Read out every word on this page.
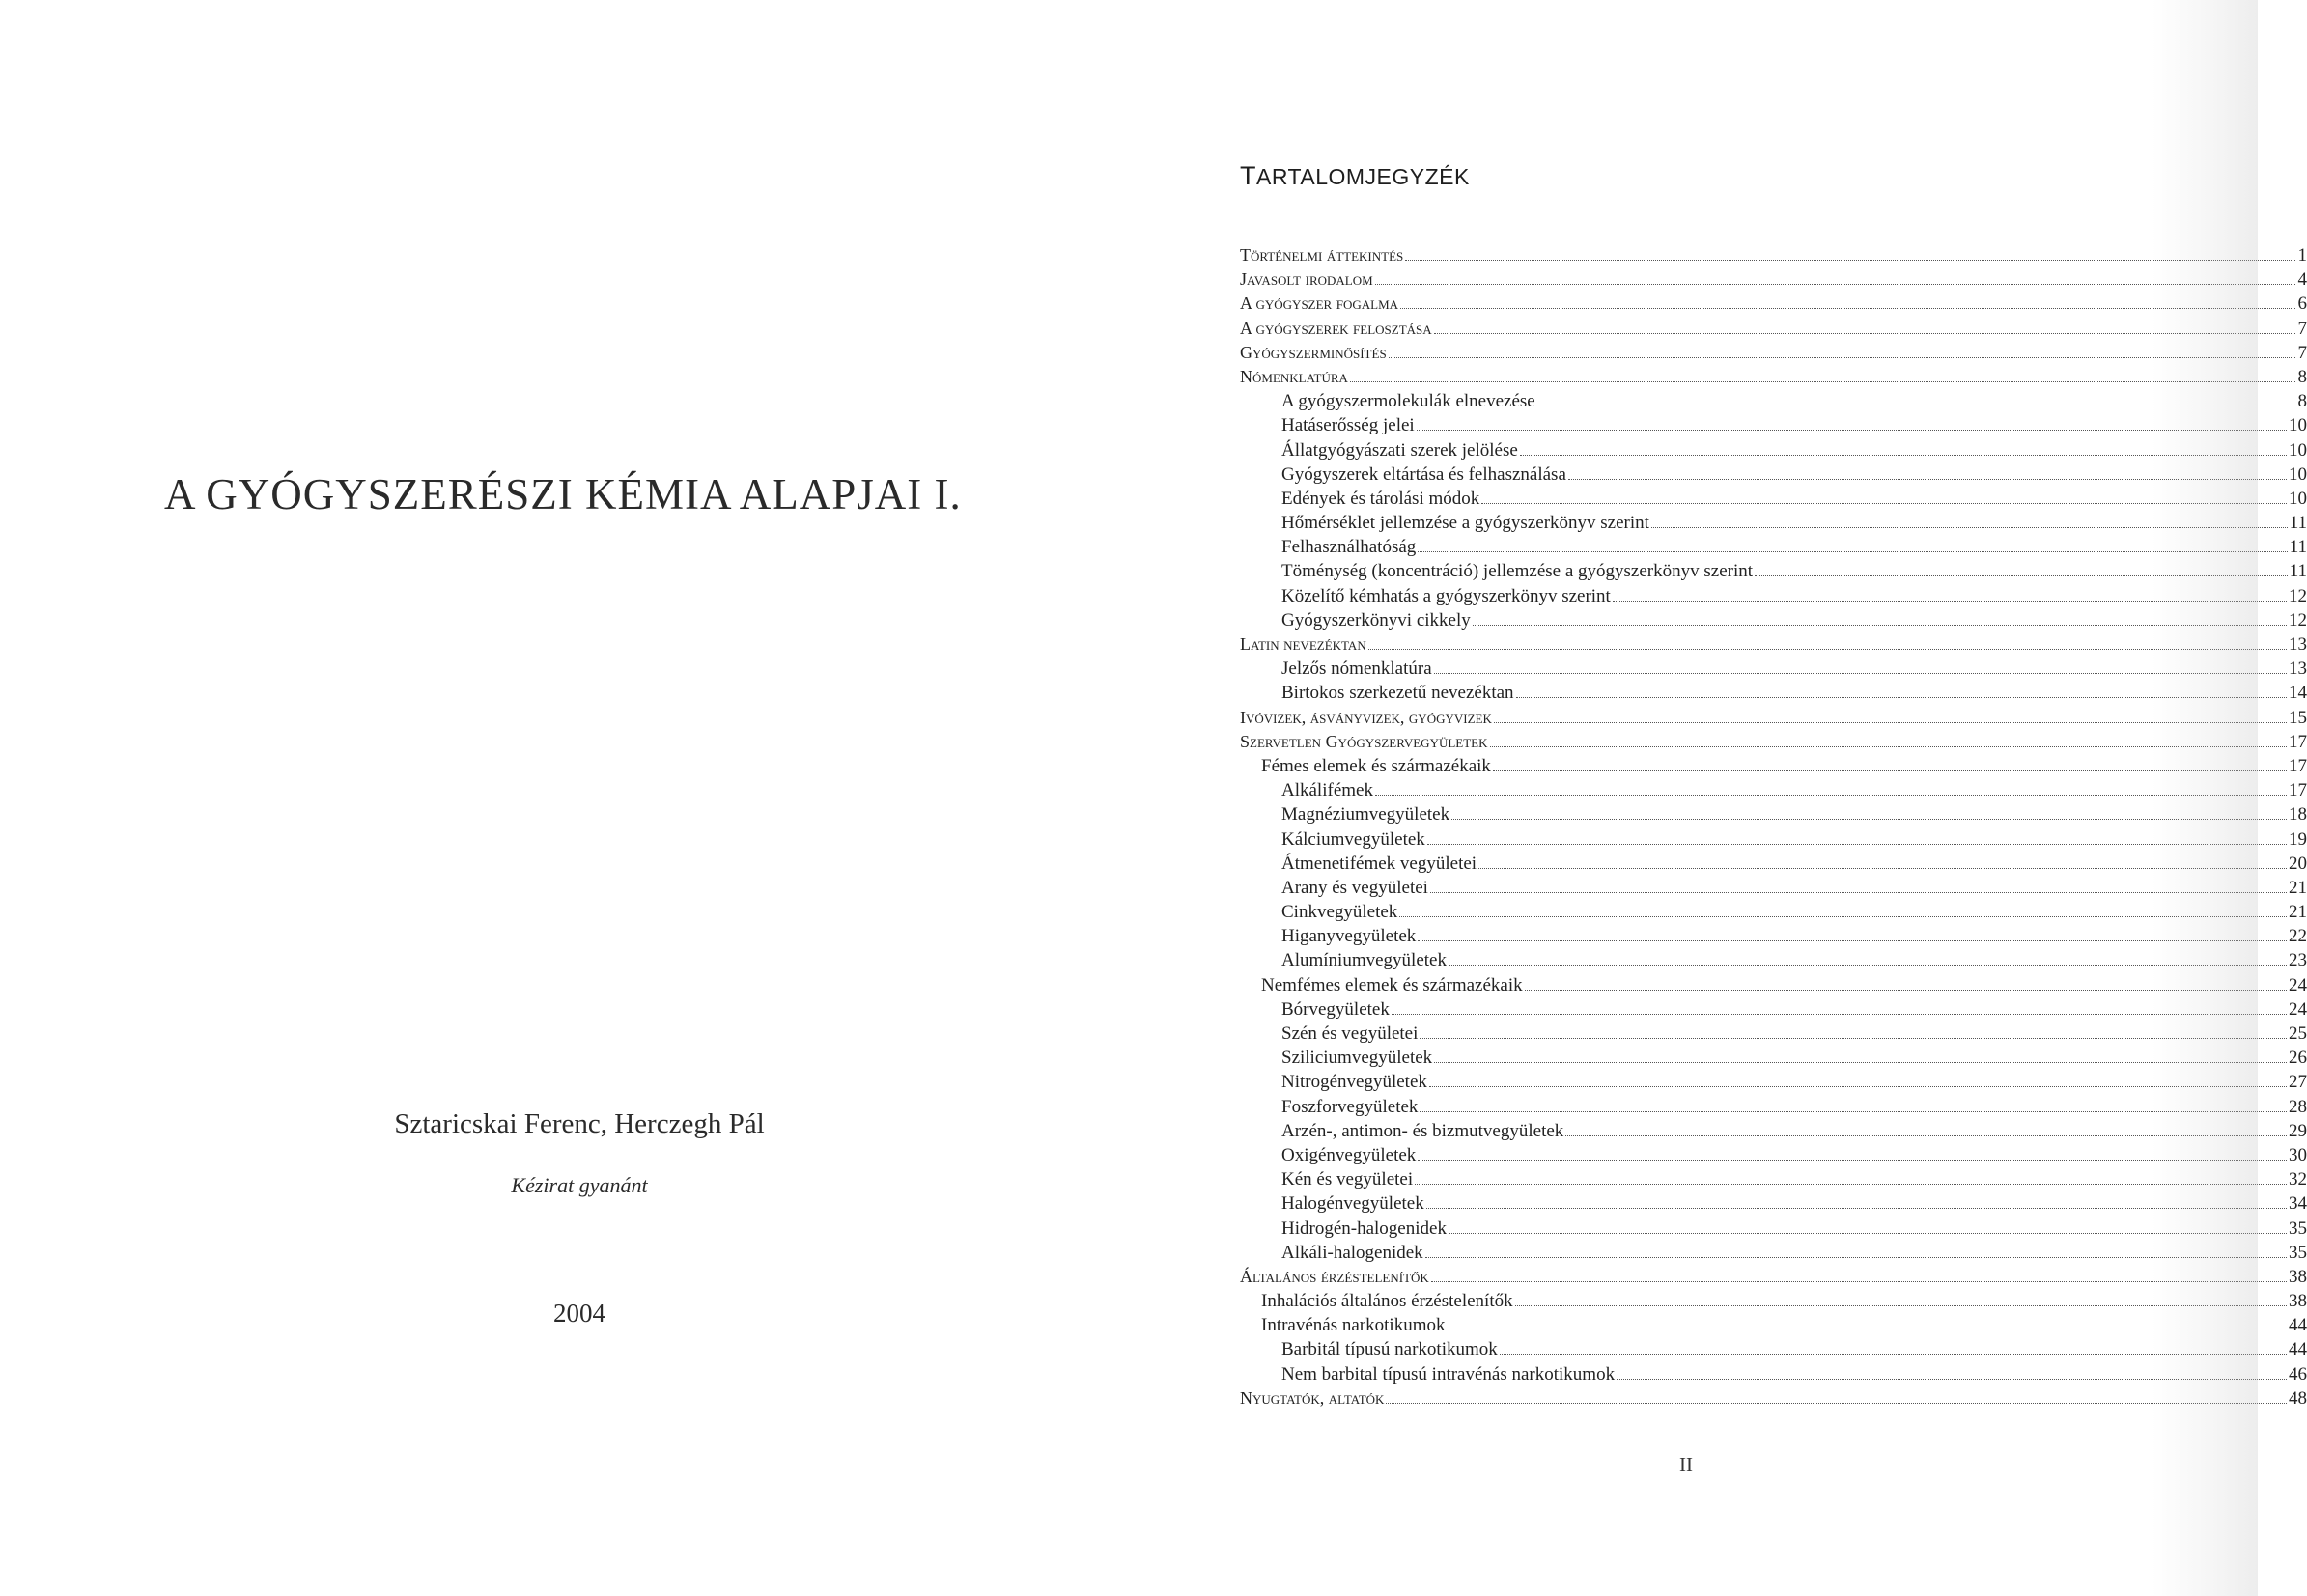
A GYÓGYSZERÉSZI KÉMIA ALAPJAI I.
Sztaricskai Ferenc, Herczegh Pál
Kézirat gyanánt
2004
TARTALOMJEGYZÉK
Történelmi áttekintés	1
Javasolt irodalom	4
A gyógyszer fogalma	6
A gyógyszerek felosztása	7
Gyógyszerminősítés	7
Nómenklatúra	8
A gyógyszermolekulák elnevezése	8
Hatáserősség jelei	10
Állatgyógyászati szerek jelölése	10
Gyógyszerek eltártása és felhasználása	10
Edények és tárolási módok	10
Hőmérséklet jellemzése a gyógyszerkönyv szerint	11
Felhasználhatóság	11
Töménység (koncentráció) jellemzése a gyógyszerkönyv szerint	11
Közelítő kémhatás a gyógyszerkönyv szerint	12
Gyógyszerkönyvi cikkely	12
Latin nevezéktan	13
Jelzős nómenklatúra	13
Birtokos szerkezetű nevezéktan	14
Ivóvizek, ásványvizek, gyógyvizek	15
Szervetlen Gyógyszervegyületek	17
Fémes elemek és származékaik	17
Alkálifémek	17
Magnéziumvegyületek	18
Kálciumvegyületek	19
Átmenetifémek vegyületei	20
Arany és vegyületei	21
Cinkvegyületek	21
Higanyvegyületek	22
Alumíniumvegyületek	23
Nemfémes elemek és származékaik	24
Bórvegyületek	24
Szén és vegyületei	25
Sziliciumvegyületek	26
Nitrogénvegyületek	27
Foszforvegyületek	28
Arzén-, antimon- és bizmutvegyületek	29
Oxigénvegyületek	30
Kén és vegyületei	32
Halogénvegyületek	34
Hidrogén-halogenidek	35
Alkáli-halogenidek	35
Általános érzéstelenítők	38
Inhalációs általános érzéstelenítők	38
Intravénás narkotikumok	44
Barbitál típusú narkotikumok	44
Nem barbital típusú intravénás narkotikumok	46
Nyugtatók, altatók	48
II
